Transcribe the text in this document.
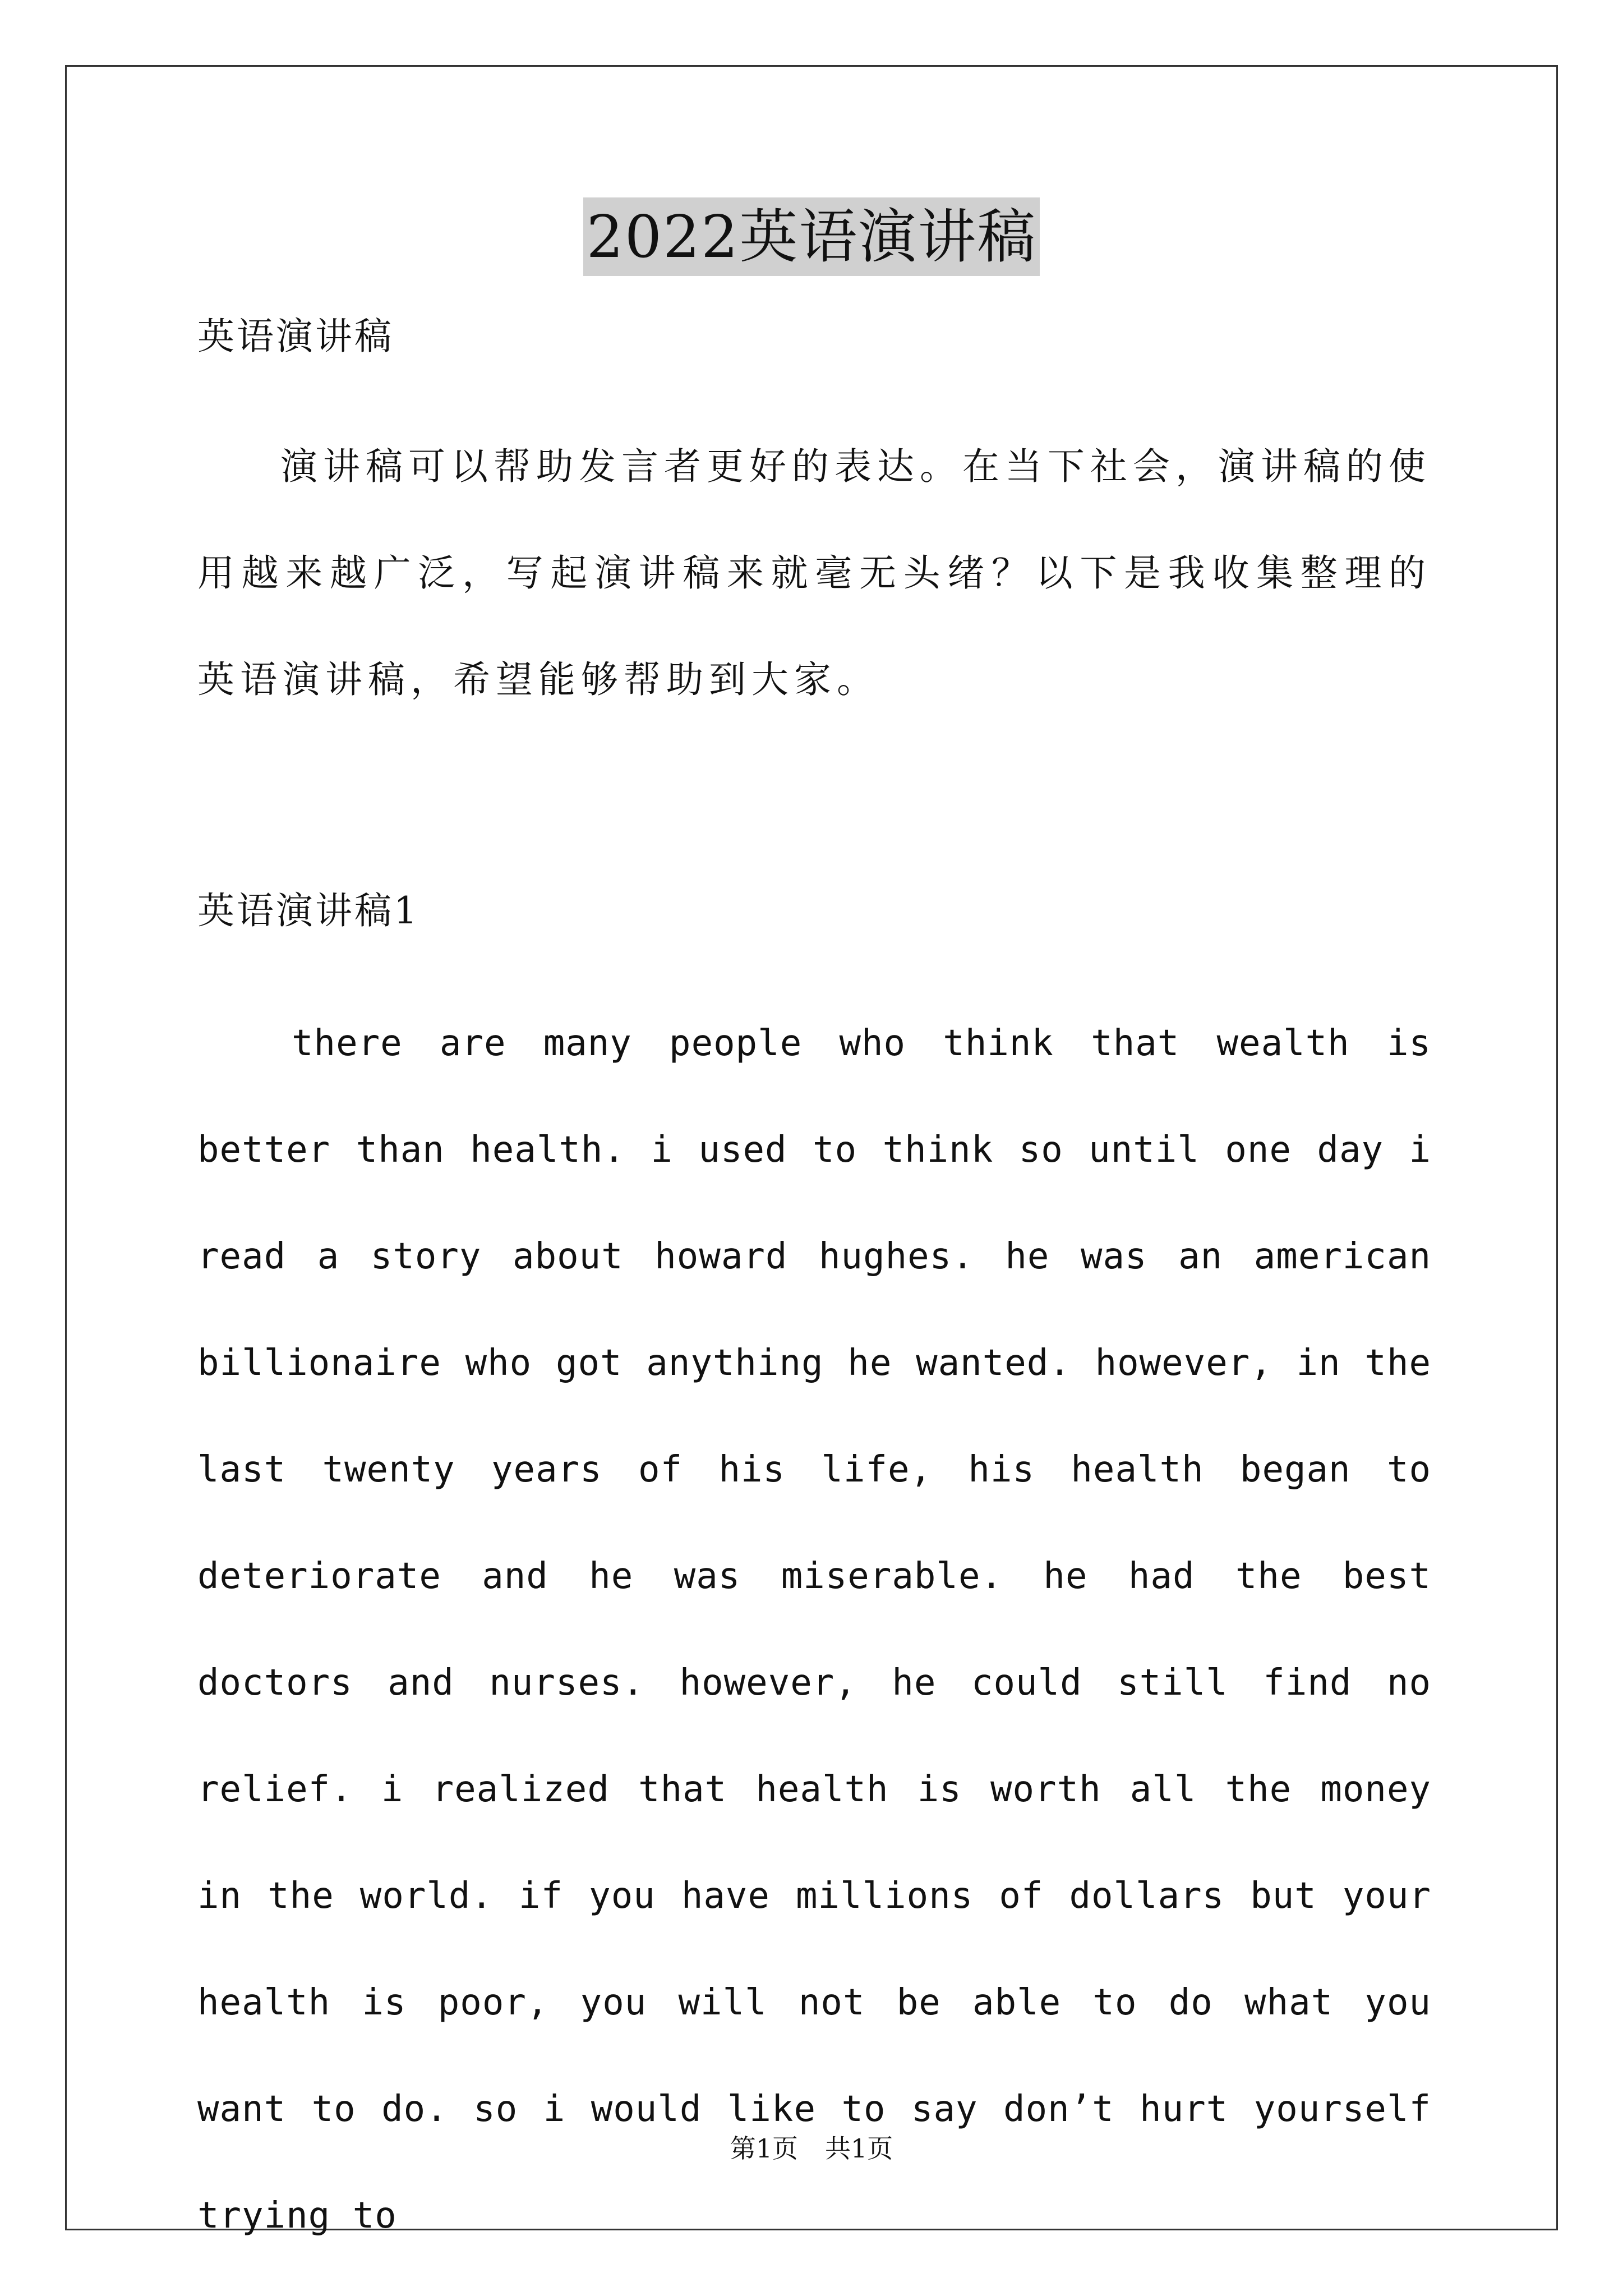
2022英语演讲稿

英语演讲稿

演讲稿可以帮助发言者更好的表达。在当下社会，演讲稿的使用越来越广泛，写起演讲稿来就毫无头绪？以下是我收集整理的英语演讲稿，希望能够帮助到大家。

英语演讲稿1

there are many people who think that wealth is better than health. i used to think so until one day i read a story about howard hughes. he was an american billionaire who got anything he wanted. however, in the last twenty years of his life, his health began to deteriorate and he was miserable. he had the best doctors and nurses. however, he could still find no relief. i realized that health is worth all the money in the world. if you have millions of dollars but your health is poor, you will not be able to do what you want to do. so i would like to say don’t hurt yourself trying to

第1页 共1页
